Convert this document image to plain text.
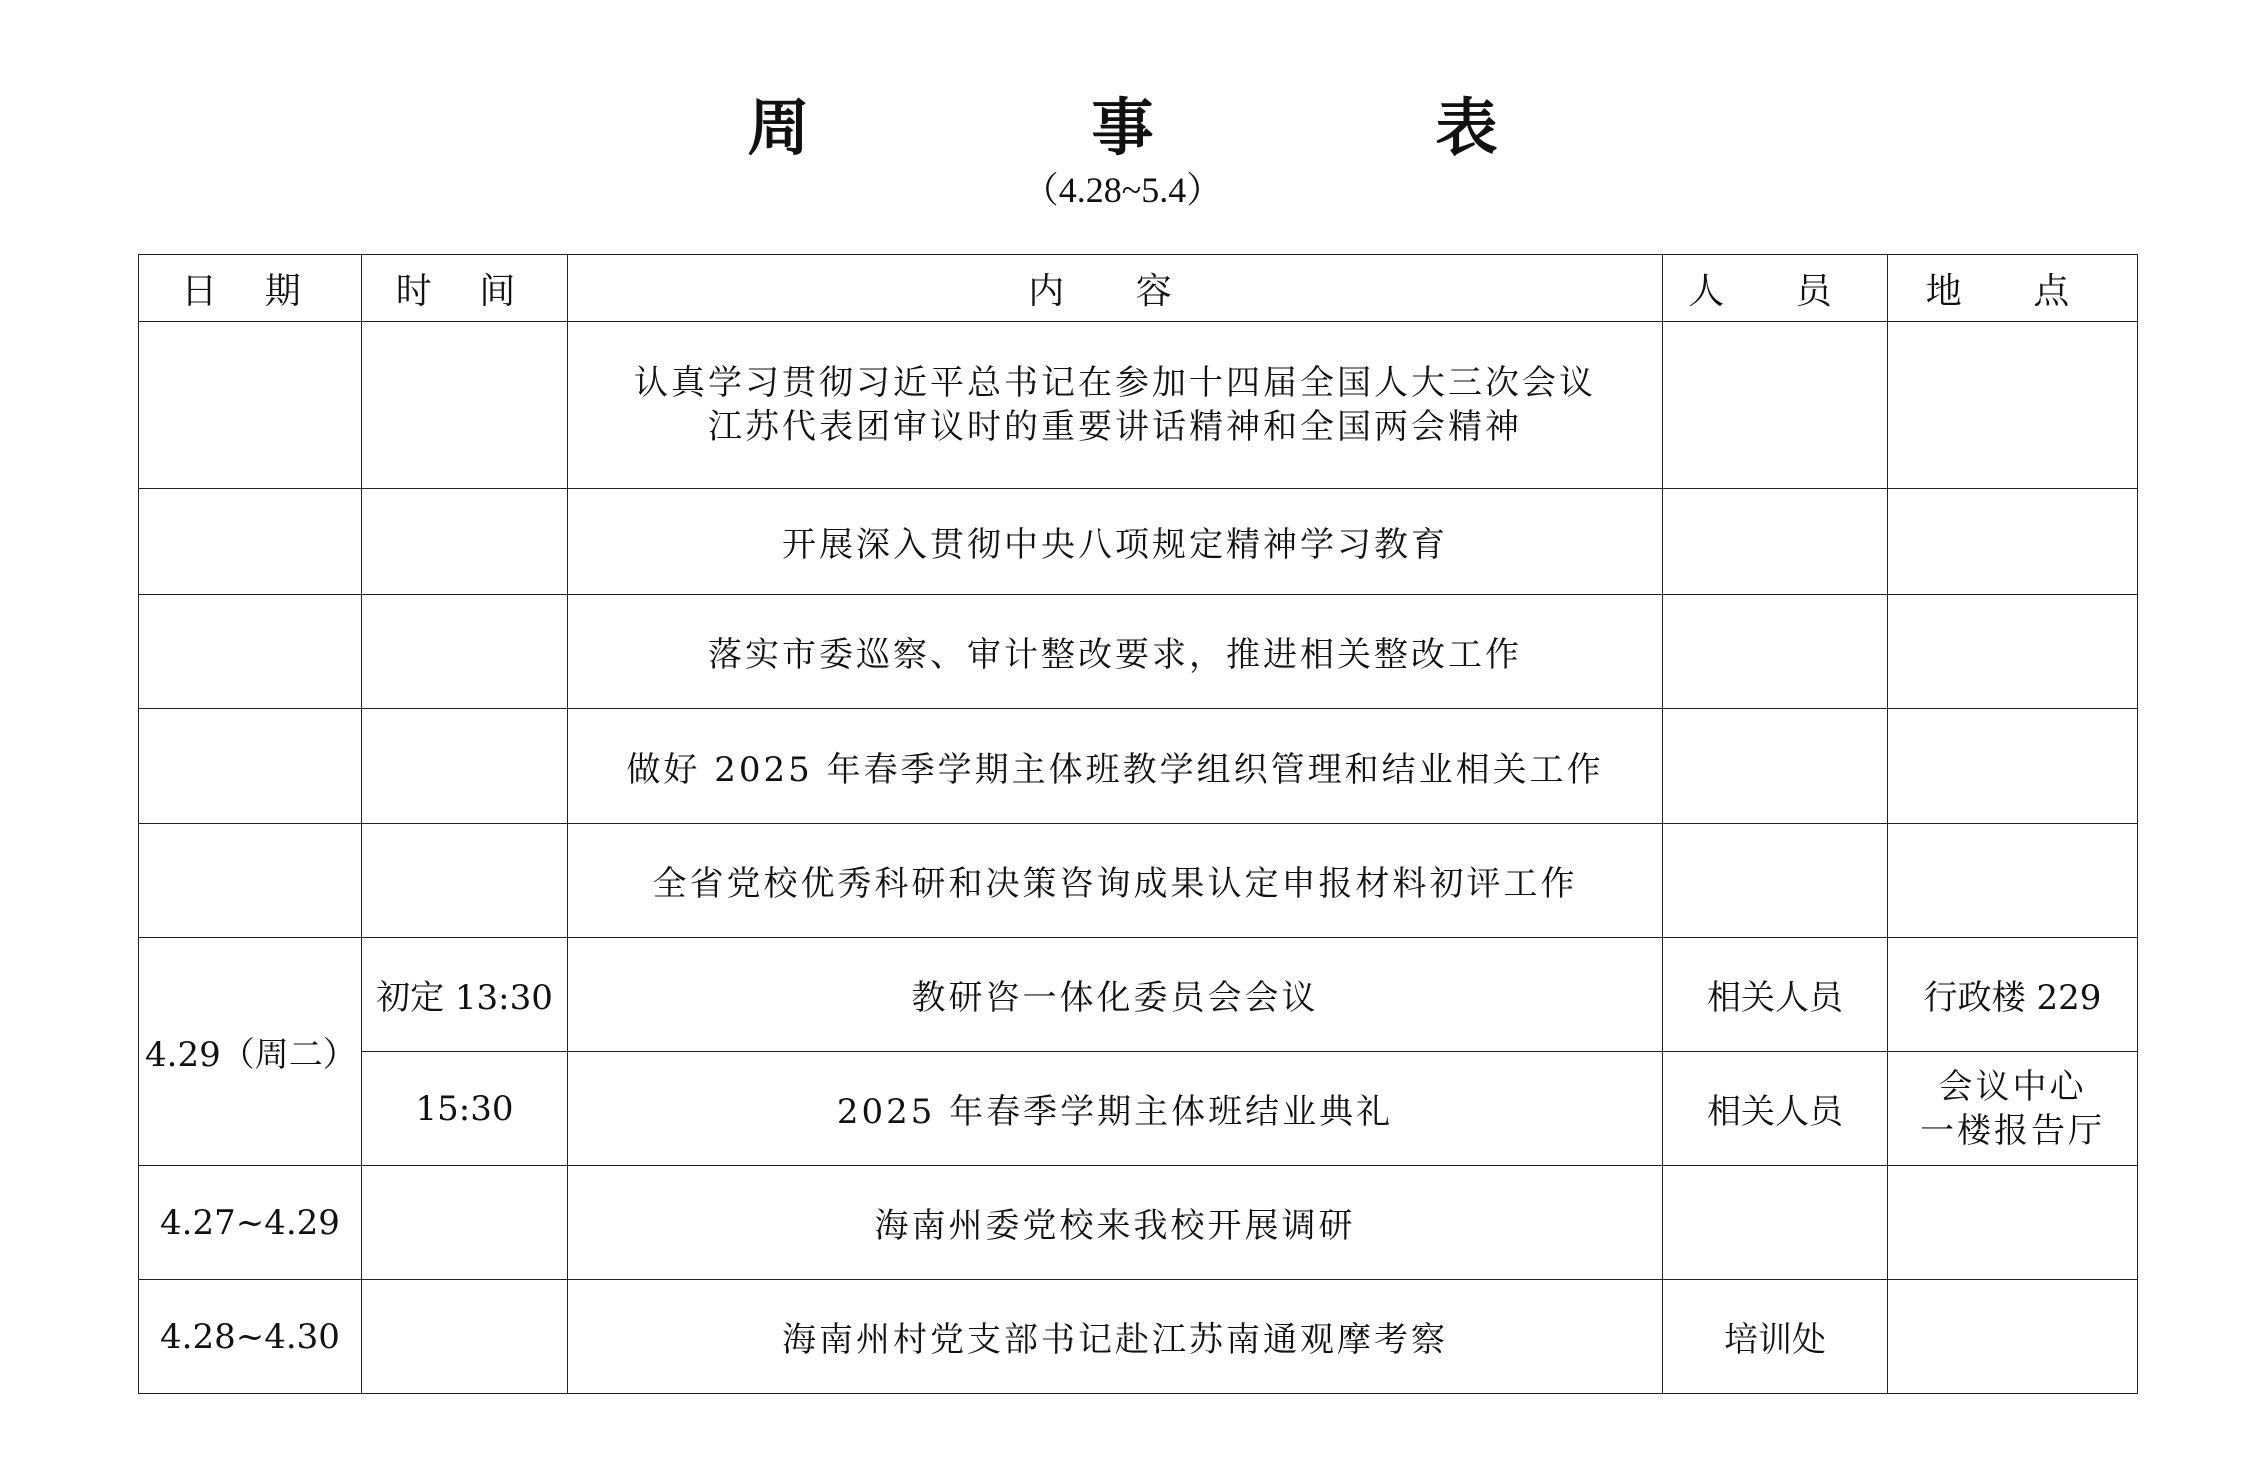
周　事　表
（4.28~5.4）
日 期	时 间	内 容	人 员	地 点

		认真学习贯彻习近平总书记在参加十四届全国人大三次会议
江苏代表团审议时的重要讲话精神和全国两会精神		

		开展深入贯彻中央八项规定精神学习教育		
		落实市委巡察、审计整改要求，推进相关整改工作		
		做好 2025 年春季学期主体班教学组织管理和结业相关工作		
		全省党校优秀科研和决策咨询成果认定申报材料初评工作		
4.29（周二）	初定 13:30	教研咨一体化委员会会议	相关人员	行政楼 229
	15:30	2025 年春季学期主体班结业典礼	相关人员	会议中心
一楼报告厅

4.27~4.29		海南州委党校来我校开展调研		
4.28~4.30		海南州村党支部书记赴江苏南通观摩考察	培训处	
